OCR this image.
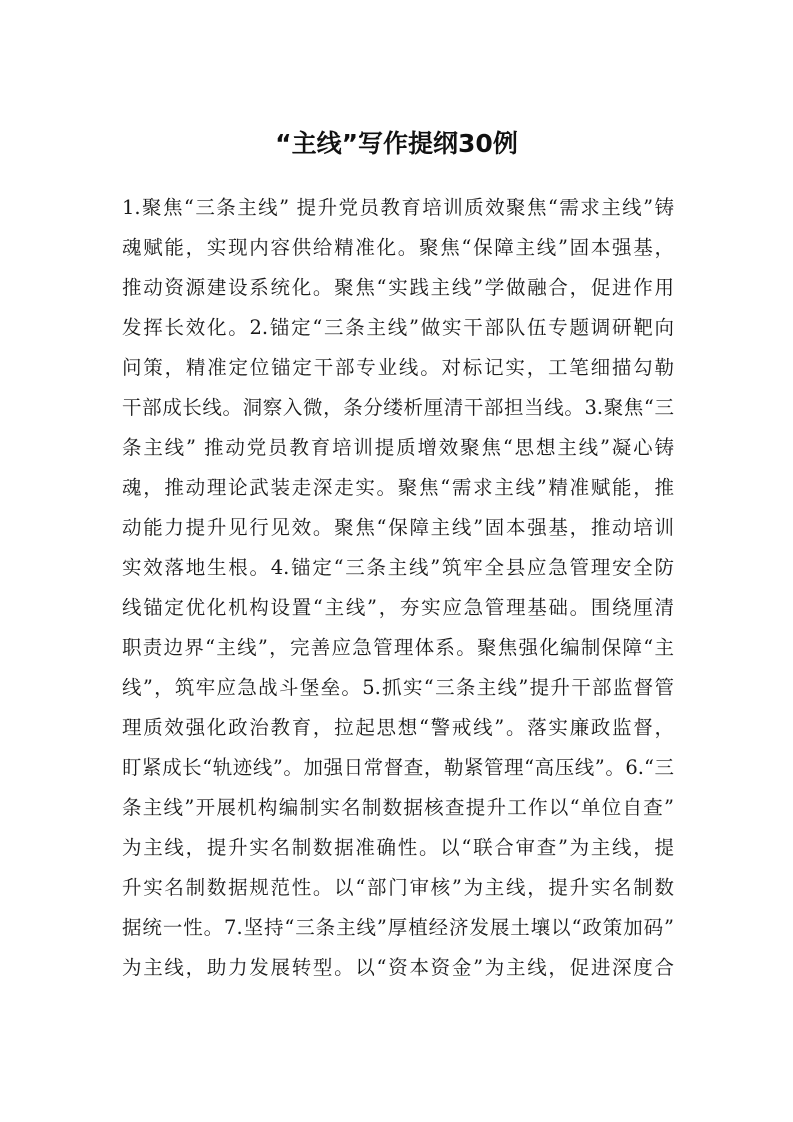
“主线”写作提纲30例
1.聚焦“三条主线” 提升党员教育培训质效聚焦“需求主线”铸
魂赋能，实现内容供给精准化。聚焦“保障主线”固本强基，
推动资源建设系统化。聚焦“实践主线”学做融合，促进作用
发挥长效化。2.锚定“三条主线”做实干部队伍专题调研靶向
问策，精准定位锚定干部专业线。对标记实，工笔细描勾勒
干部成长线。洞察入微，条分缕析厘清干部担当线。3.聚焦“三
条主线” 推动党员教育培训提质增效聚焦“思想主线”凝心铸
魂，推动理论武装走深走实。聚焦“需求主线”精准赋能，推
动能力提升见行见效。聚焦“保障主线”固本强基，推动培训
实效落地生根。4.锚定“三条主线”筑牢全县应急管理安全防
线锚定优化机构设置“主线”，夯实应急管理基础。围绕厘清
职责边界“主线”，完善应急管理体系。聚焦强化编制保障“主
线”，筑牢应急战斗堡垒。5.抓实“三条主线”提升干部监督管
理质效强化政治教育，拉起思想“警戒线”。落实廉政监督，
盯紧成长“轨迹线”。加强日常督查，勒紧管理“高压线”。6.“三
条主线”开展机构编制实名制数据核查提升工作以“单位自查”
为主线，提升实名制数据准确性。以“联合审查”为主线，提
升实名制数据规范性。以“部门审核”为主线，提升实名制数
据统一性。7.坚持“三条主线”厚植经济发展土壤以“政策加码”
为主线，助力发展转型。以“资本资金”为主线，促进深度合
